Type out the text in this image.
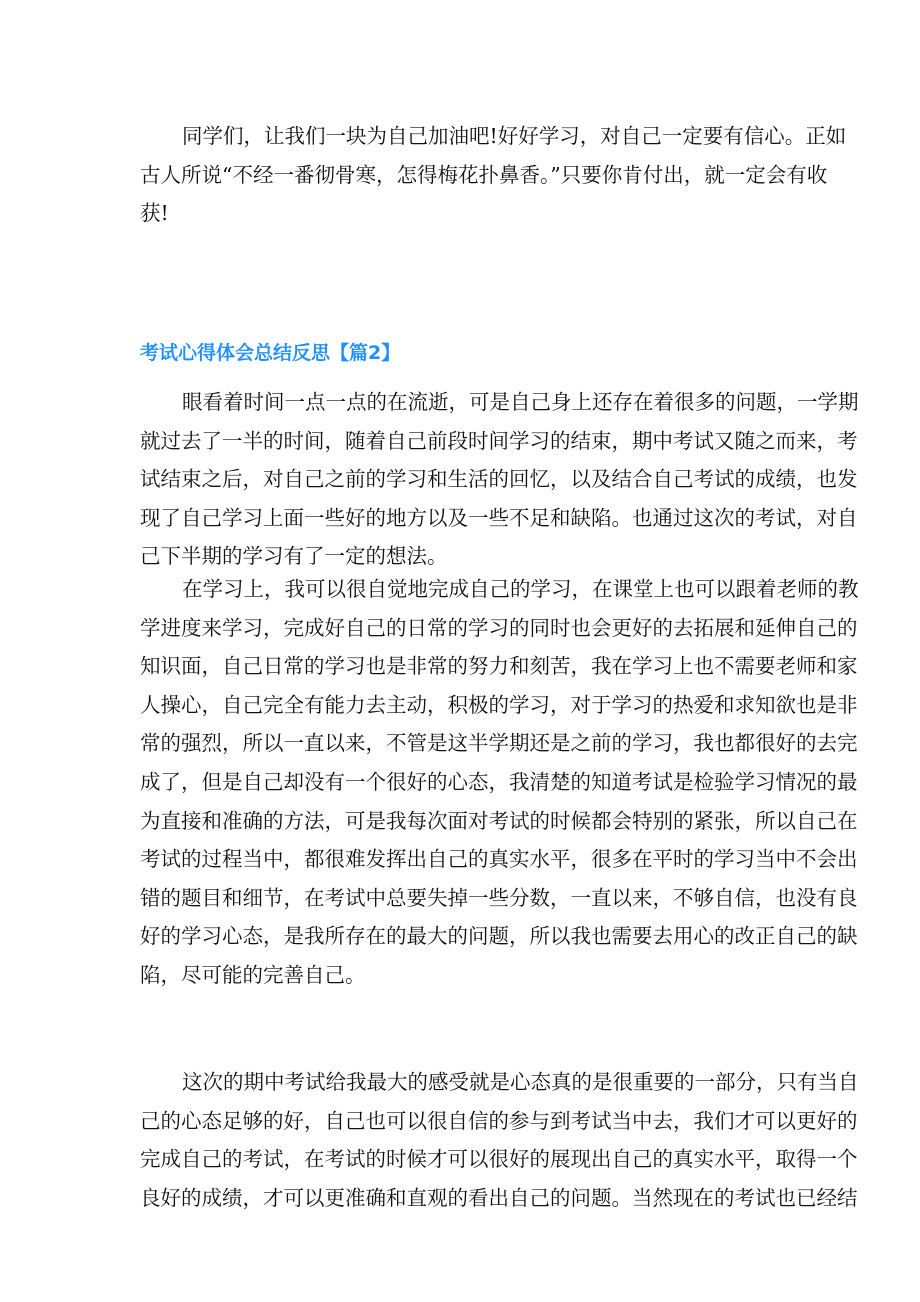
同学们，让我们一块为自己加油吧!好好学习，对自己一定要有信心。正如
古人所说“不经一番彻骨寒，怎得梅花扑鼻香。”只要你肯付出，就一定会有收
获!
考试心得体会总结反思【篇2】
眼看着时间一点一点的在流逝，可是自己身上还存在着很多的问题，一学期
就过去了一半的时间，随着自己前段时间学习的结束，期中考试又随之而来，考
试结束之后，对自己之前的学习和生活的回忆，以及结合自己考试的成绩，也发
现了自己学习上面一些好的地方以及一些不足和缺陷。也通过这次的考试，对自
己下半期的学习有了一定的想法。
在学习上，我可以很自觉地完成自己的学习，在课堂上也可以跟着老师的教
学进度来学习，完成好自己的日常的学习的同时也会更好的去拓展和延伸自己的
知识面，自己日常的学习也是非常的努力和刻苦，我在学习上也不需要老师和家
人操心，自己完全有能力去主动，积极的学习，对于学习的热爱和求知欲也是非
常的强烈，所以一直以来，不管是这半学期还是之前的学习，我也都很好的去完
成了，但是自己却没有一个很好的心态，我清楚的知道考试是检验学习情况的最
为直接和准确的方法，可是我每次面对考试的时候都会特别的紧张，所以自己在
考试的过程当中，都很难发挥出自己的真实水平，很多在平时的学习当中不会出
错的题目和细节，在考试中总要失掉一些分数，一直以来，不够自信，也没有良
好的学习心态，是我所存在的最大的问题，所以我也需要去用心的改正自己的缺
陷，尽可能的完善自己。
这次的期中考试给我最大的感受就是心态真的是很重要的一部分，只有当自
己的心态足够的好，自己也可以很自信的参与到考试当中去，我们才可以更好的
完成自己的考试，在考试的时候才可以很好的展现出自己的真实水平，取得一个
良好的成绩，才可以更准确和直观的看出自己的问题。当然现在的考试也已经结
